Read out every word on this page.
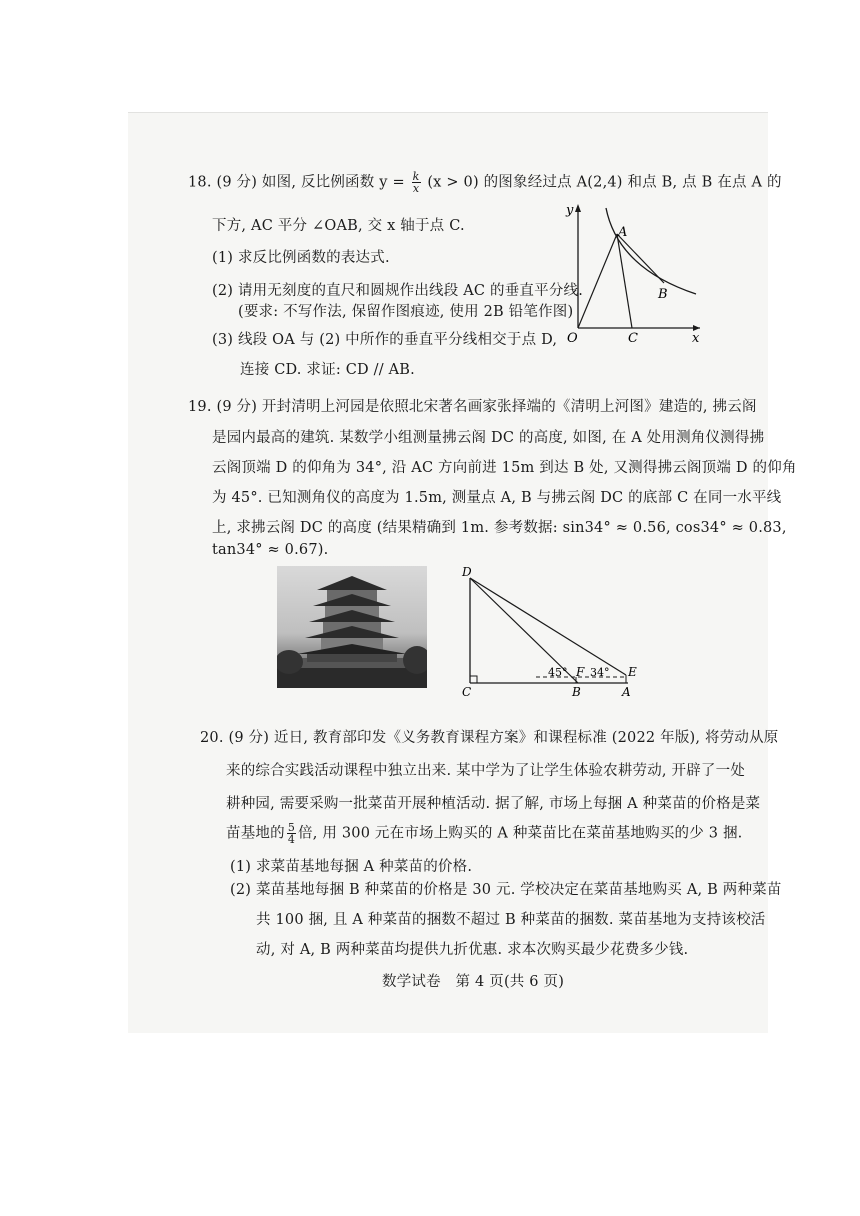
18. (9 分) 如图, 反比例函数 $y = \frac{k}{x} (x > 0)$ 的图象经过点 A(2,4) 和点 B, 点 B 在点 A 的
下方, AC 平分 ∠OAB, 交 x 轴于点 C.
(1) 求反比例函数的表达式.
(2) 请用无刻度的直尺和圆规作出线段 AC 的垂直平分线.
(要求: 不写作法, 保留作图痕迹, 使用 2B 铅笔作图)
(3) 线段 OA 与 (2) 中所作的垂直平分线相交于点 D,
连接 CD. 求证: CD // AB.
y
x
O
A
B
C
19. (9 分) 开封清明上河园是依照北宋著名画家张择端的《清明上河图》建造的, 拂云阁
是园内最高的建筑. 某数学小组测量拂云阁 DC 的高度, 如图, 在 A 处用测角仪测得拂
云阁顶端 D 的仰角为 34°, 沿 AC 方向前进 15m 到达 B 处, 又测得拂云阁顶端 D 的仰角
为 45°. 已知测角仪的高度为 1.5m, 测量点 A, B 与拂云阁 DC 的底部 C 在同一水平线
上, 求拂云阁 DC 的高度 (结果精确到 1m. 参考数据: sin34° ≈ 0.56, cos34° ≈ 0.83,
tan34° ≈ 0.67).
D
C	B	A
E
F
45° 34°
20. (9 分) 近日, 教育部印发《义务教育课程方案》和课程标准 (2022 年版), 将劳动从原
来的综合实践活动课程中独立出来. 某中学为了让学生体验农耕劳动, 开辟了一处
耕种园, 需要采购一批菜苗开展种植活动. 据了解, 市场上每捆 A 种菜苗的价格是菜
苗基地的 $\frac{5}{4}$ 倍, 用 300 元在市场上购买的 A 种菜苗比在菜苗基地购买的少 3 捆.
(1) 求菜苗基地每捆 A 种菜苗的价格.
(2) 菜苗基地每捆 B 种菜苗的价格是 30 元. 学校决定在菜苗基地购买 A, B 两种菜苗
共 100 捆, 且 A 种菜苗的捆数不超过 B 种菜苗的捆数. 菜苗基地为支持该校活
动, 对 A, B 两种菜苗均提供九折优惠. 求本次购买最少花费多少钱.
数学试卷　第 4 页(共 6 页)
